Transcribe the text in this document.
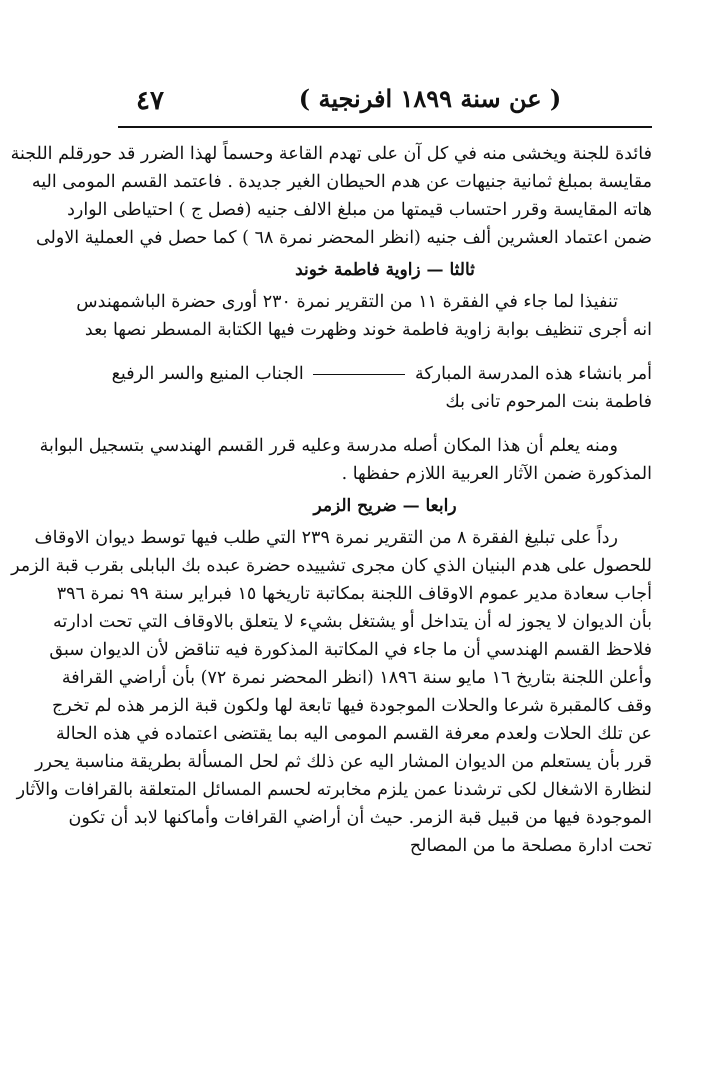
٤٧	( عن سنة ١٨٩٩ افرنجية )
فائدة للجنة ويخشى منه في كل آن على تهدم القاعة وحسماً لهذا الضرر قد حورقلم اللجنة
مقايسة بمبلغ ثمانية جنيهات عن هدم الحيطان الغير جديدة . فاعتمد القسم المومى اليه
هاته المقايسة وقرر احتساب قيمتها من مبلغ الالف جنيه (فصل ج ) احتياطى الوارد
ضمن اعتماد العشرين ألف جنيه (انظر المحضر نمرة ٦٨ ) كما حصل في العملية الاولى
ثالثا — زاوية فاطمة خوند
تنفيذا لما جاء في الفقرة ١١ من التقرير نمرة ٢٣٠ أورى حضرة الباشمهندس
انه أجرى تنظيف بوابة زاوية فاطمة خوند وظهرت فيها الكتابة المسطر نصها بعد
أمر بانشاء هذه المدرسة المباركة  الجناب المنيع والسر الرفيع
فاطمة بنت المرحوم تانى بك
ومنه يعلم أن هذا المكان أصله مدرسة وعليه قرر القسم الهندسي بتسجيل البوابة
المذكورة ضمن الآثار العربية اللازم حفظها .
رابعا — ضريح الزمر
رداً على تبليغ الفقرة ٨ من التقرير نمرة ٢٣٩ التي طلب فيها توسط ديوان الاوقاف
للحصول على هدم البنيان الذي كان مجرى تشييده حضرة عبده بك البابلى بقرب قبة الزمر
أجاب سعادة مدير عموم الاوقاف اللجنة بمكاتبة تاريخها ١٥ فبراير سنة ٩٩ نمرة ٣٩٦
بأن الديوان لا يجوز له أن يتداخل أو يشتغل بشيء لا يتعلق بالاوقاف التي تحت ادارته
فلاحظ القسم الهندسي أن ما جاء في المكاتبة المذكورة فيه تناقض لأن الديوان سبق
وأعلن اللجنة بتاريخ ١٦ مايو سنة ١٨٩٦ (انظر المحضر نمرة ٧٢) بأن أراضي القرافة
وقف كالمقبرة شرعا والحلات الموجودة فيها تابعة لها ولكون قبة الزمر هذه لم تخرج
عن تلك الحلات ولعدم معرفة القسم المومى اليه بما يقتضى اعتماده في هذه الحالة
قرر بأن يستعلم من الديوان المشار اليه عن ذلك ثم لحل المسألة بطريقة مناسبة يحرر
لنظارة الاشغال لكى ترشدنا عمن يلزم مخابرته لحسم المسائل المتعلقة بالقرافات والآثار
الموجودة فيها من قبيل قبة الزمر. حيث أن أراضي القرافات وأماكنها لابد أن تكون
تحت ادارة مصلحة ما من المصالح
